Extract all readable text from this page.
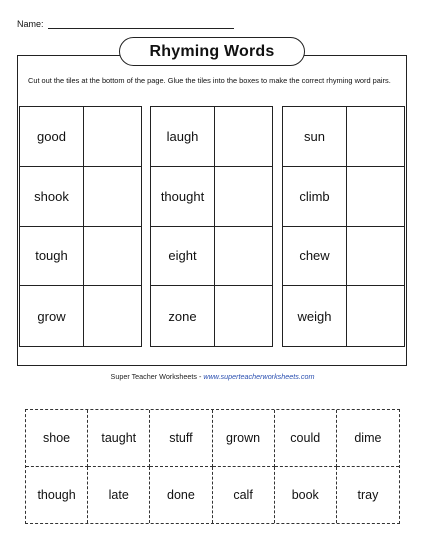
Name:
Rhyming Words
Cut out the tiles at the bottom of the page. Glue the tiles into the boxes to make the correct rhyming word pairs.
good
shook
tough
grow
laugh
thought
eight
zone
sun
climb
chew
weigh
Super Teacher Worksheets - www.superteacherworksheets.com
shoe	taught	stuff	grown	could	dime
though	late	done	calf	book	tray
